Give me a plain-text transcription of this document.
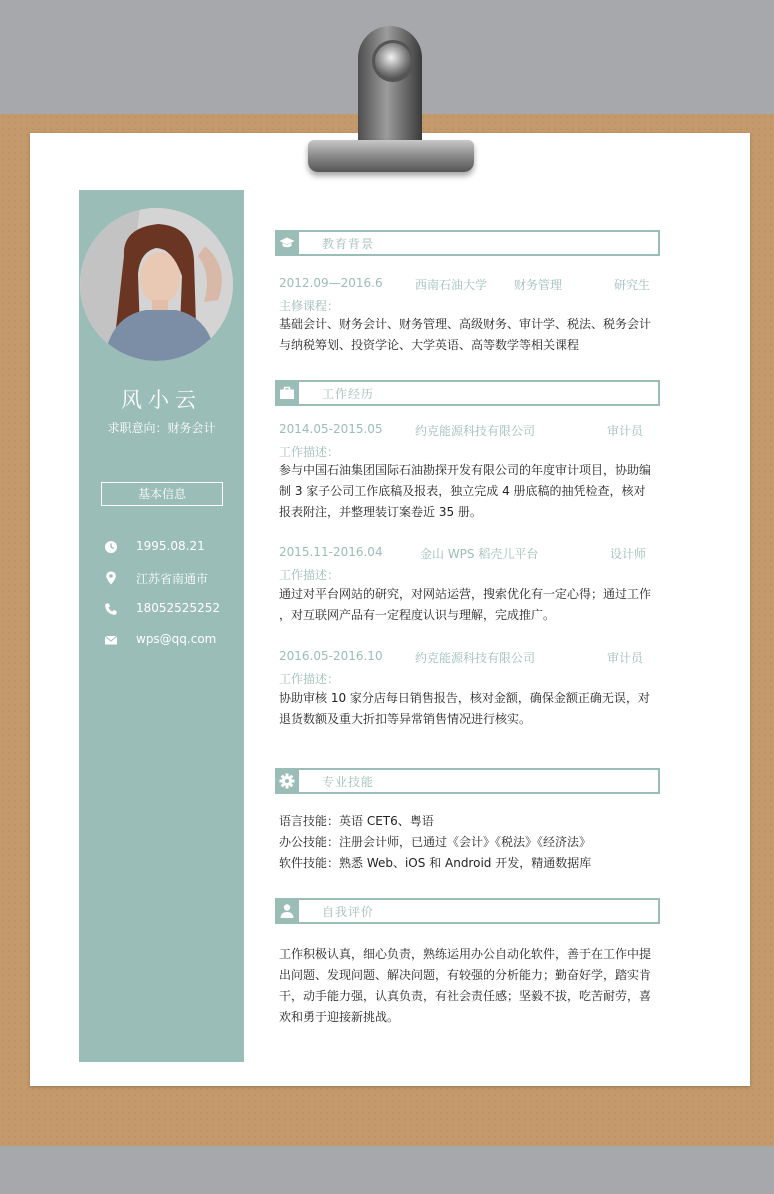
风小云
求职意向：财务会计
基本信息
1995.08.21
江苏省南通市
18052525252
wps@qq.com
教育背景
2012.09—2016.6	西南石油大学 财务管理	研究生
主修课程：
基础会计、财务会计、财务管理、高级财务、审计学、税法、税务会计
与纳税筹划、投资学论、大学英语、高等数学等相关课程
工作经历
2014.05-2015.05	约克能源科技有限公司	审计员
工作描述：
参与中国石油集团国际石油勘探开发有限公司的年度审计项目，协助编
制 3 家子公司工作底稿及报表，独立完成 4 册底稿的抽凭检查，核对
报表附注，并整理装订案卷近 35 册。
2015.11-2016.04	金山 WPS 稻壳儿平台	设计师
工作描述：
通过对平台网站的研究，对网站运营，搜索优化有一定心得；通过工作
，对互联网产品有一定程度认识与理解，完成推广。
2016.05-2016.10	约克能源科技有限公司	审计员
工作描述：
协助审核 10 家分店每日销售报告，核对金额，确保金额正确无误，对
退货数额及重大折扣等异常销售情况进行核实。
专业技能
语言技能：英语 CET6、粤语
办公技能：注册会计师，已通过《会计》《税法》《经济法》
软件技能：熟悉 Web、iOS 和 Android 开发，精通数据库
自我评价
工作积极认真，细心负责，熟练运用办公自动化软件，善于在工作中提
出问题、发现问题、解决问题，有较强的分析能力；勤奋好学，踏实肯
干，动手能力强，认真负责，有社会责任感；坚毅不拔，吃苦耐劳，喜
欢和勇于迎接新挑战。
